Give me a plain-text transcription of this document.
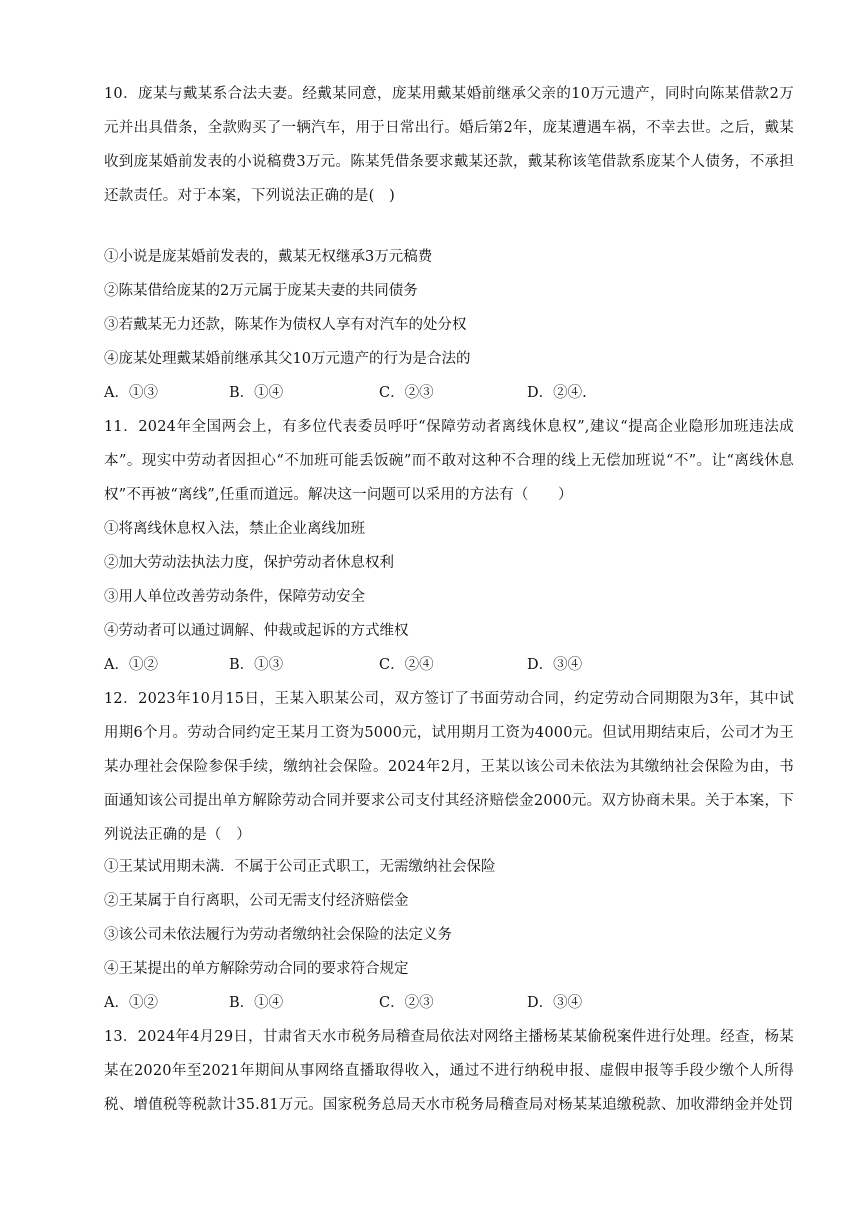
10．庞某与戴某系合法夫妻。经戴某同意，庞某用戴某婚前继承父亲的10万元遗产，同时向陈某借款2万元并出具借条，全款购买了一辆汽车，用于日常出行。婚后第2年，庞某遭遇车祸，不幸去世。之后，戴某收到庞某婚前发表的小说稿费3万元。陈某凭借条要求戴某还款，戴某称该笔借款系庞某个人债务，不承担还款责任。对于本案，下列说法正确的是(　)

①小说是庞某婚前发表的，戴某无权继承3万元稿费

②陈某借给庞某的2万元属于庞某夫妻的共同债务

③若戴某无力还款，陈某作为债权人享有对汽车的处分权

④庞某处理戴某婚前继承其父10万元遗产的行为是合法的

A．①③	B．①④	C．②③	D．②④.

11．2024年全国两会上，有多位代表委员呼吁“保障劳动者离线休息权”,建议“提高企业隐形加班违法成本”。现实中劳动者因担心“不加班可能丢饭碗”而不敢对这种不合理的线上无偿加班说“不”。让“离线休息权”不再被“离线”,任重而道远。解决这一问题可以采用的方法有（　　）

①将离线休息权入法，禁止企业离线加班

②加大劳动法执法力度，保护劳动者休息权利

③用人单位改善劳动条件，保障劳动安全

④劳动者可以通过调解、仲裁或起诉的方式维权

A．①②	B．①③	C．②④	D．③④

12．2023年10月15日，王某入职某公司，双方签订了书面劳动合同，约定劳动合同期限为3年，其中试用期6个月。劳动合同约定王某月工资为5000元，试用期月工资为4000元。但试用期结束后，公司才为王某办理社会保险参保手续，缴纳社会保险。2024年2月，王某以该公司未依法为其缴纳社会保险为由，书面通知该公司提出单方解除劳动合同并要求公司支付其经济赔偿金2000元。双方协商未果。关于本案，下列说法正确的是（　）

①王某试用期未满．不属于公司正式职工，无需缴纳社会保险

②王某属于自行离职，公司无需支付经济赔偿金

③该公司未依法履行为劳动者缴纳社会保险的法定义务

④王某提出的单方解除劳动合同的要求符合规定

A．①②	B．①④	C．②③	D．③④

13．2024年4月29日，甘肃省天水市税务局稽查局依法对网络主播杨某某偷税案件进行处理。经查，杨某某在2020年至2021年期间从事网络直播取得收入，通过不进行纳税申报、虚假申报等手段少缴个人所得税、增值税等税款计35.81万元。国家税务总局天水市税务局稽查局对杨某某追缴税款、加收滞纳金并处罚
